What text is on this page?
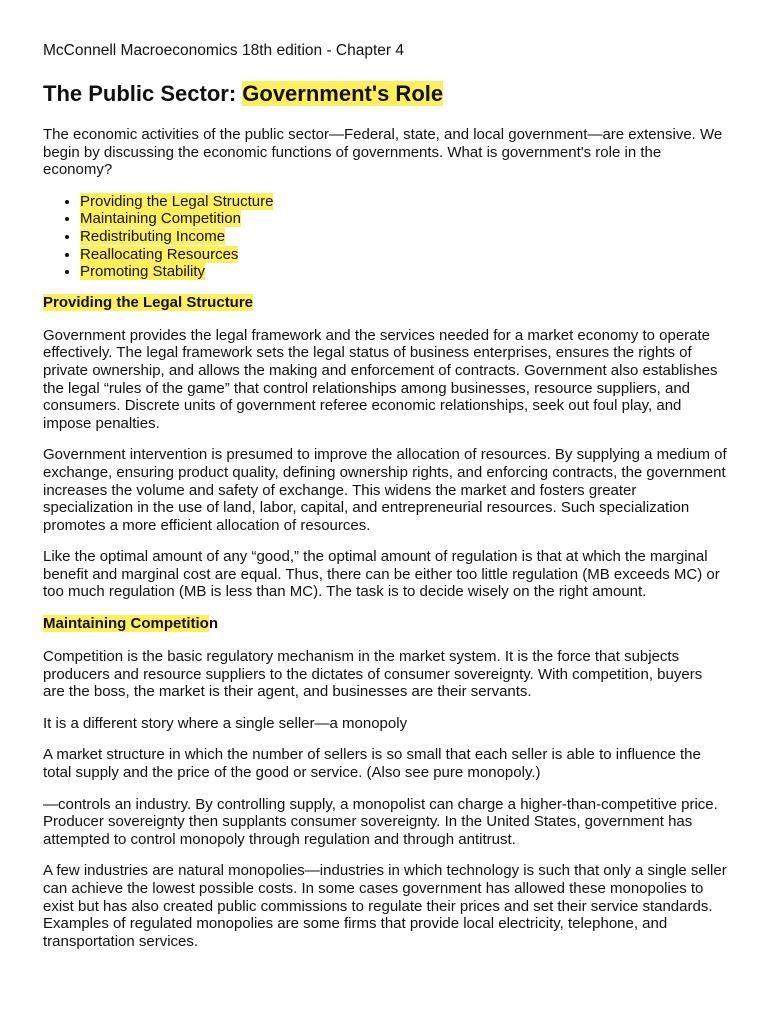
McConnell Macroeconomics 18th edition - Chapter 4
The Public Sector: Government's Role

The economic activities of the public sector—Federal, state, and local government—are extensive. We begin by discussing the economic functions of governments. What is government's role in the economy?

• Providing the Legal Structure
• Maintaining Competition
• Redistributing Income
• Reallocating Resources
• Promoting Stability
Providing the Legal Structure

Government provides the legal framework and the services needed for a market economy to operate effectively. The legal framework sets the legal status of business enterprises, ensures the rights of private ownership, and allows the making and enforcement of contracts. Government also establishes the legal “rules of the game” that control relationships among businesses, resource suppliers, and consumers. Discrete units of government referee economic relationships, seek out foul play, and impose penalties.

Government intervention is presumed to improve the allocation of resources. By supplying a medium of exchange, ensuring product quality, defining ownership rights, and enforcing contracts, the government increases the volume and safety of exchange. This widens the market and fosters greater specialization in the use of land, labor, capital, and entrepreneurial resources. Such specialization promotes a more efficient allocation of resources.

Like the optimal amount of any “good,” the optimal amount of regulation is that at which the marginal benefit and marginal cost are equal. Thus, there can be either too little regulation (MB exceeds MC) or too much regulation (MB is less than MC). The task is to decide wisely on the right amount.

Maintaining Competition

Competition is the basic regulatory mechanism in the market system. It is the force that subjects producers and resource suppliers to the dictates of consumer sovereignty. With competition, buyers are the boss, the market is their agent, and businesses are their servants.

It is a different story where a single seller—a monopoly

A market structure in which the number of sellers is so small that each seller is able to influence the total supply and the price of the good or service. (Also see pure monopoly.)

—controls an industry. By controlling supply, a monopolist can charge a higher-than-competitive price. Producer sovereignty then supplants consumer sovereignty. In the United States, government has attempted to control monopoly through regulation and through antitrust.

A few industries are natural monopolies—industries in which technology is such that only a single seller can achieve the lowest possible costs. In some cases government has allowed these monopolies to exist but has also created public commissions to regulate their prices and set their service standards. Examples of regulated monopolies are some firms that provide local electricity, telephone, and transportation services.
